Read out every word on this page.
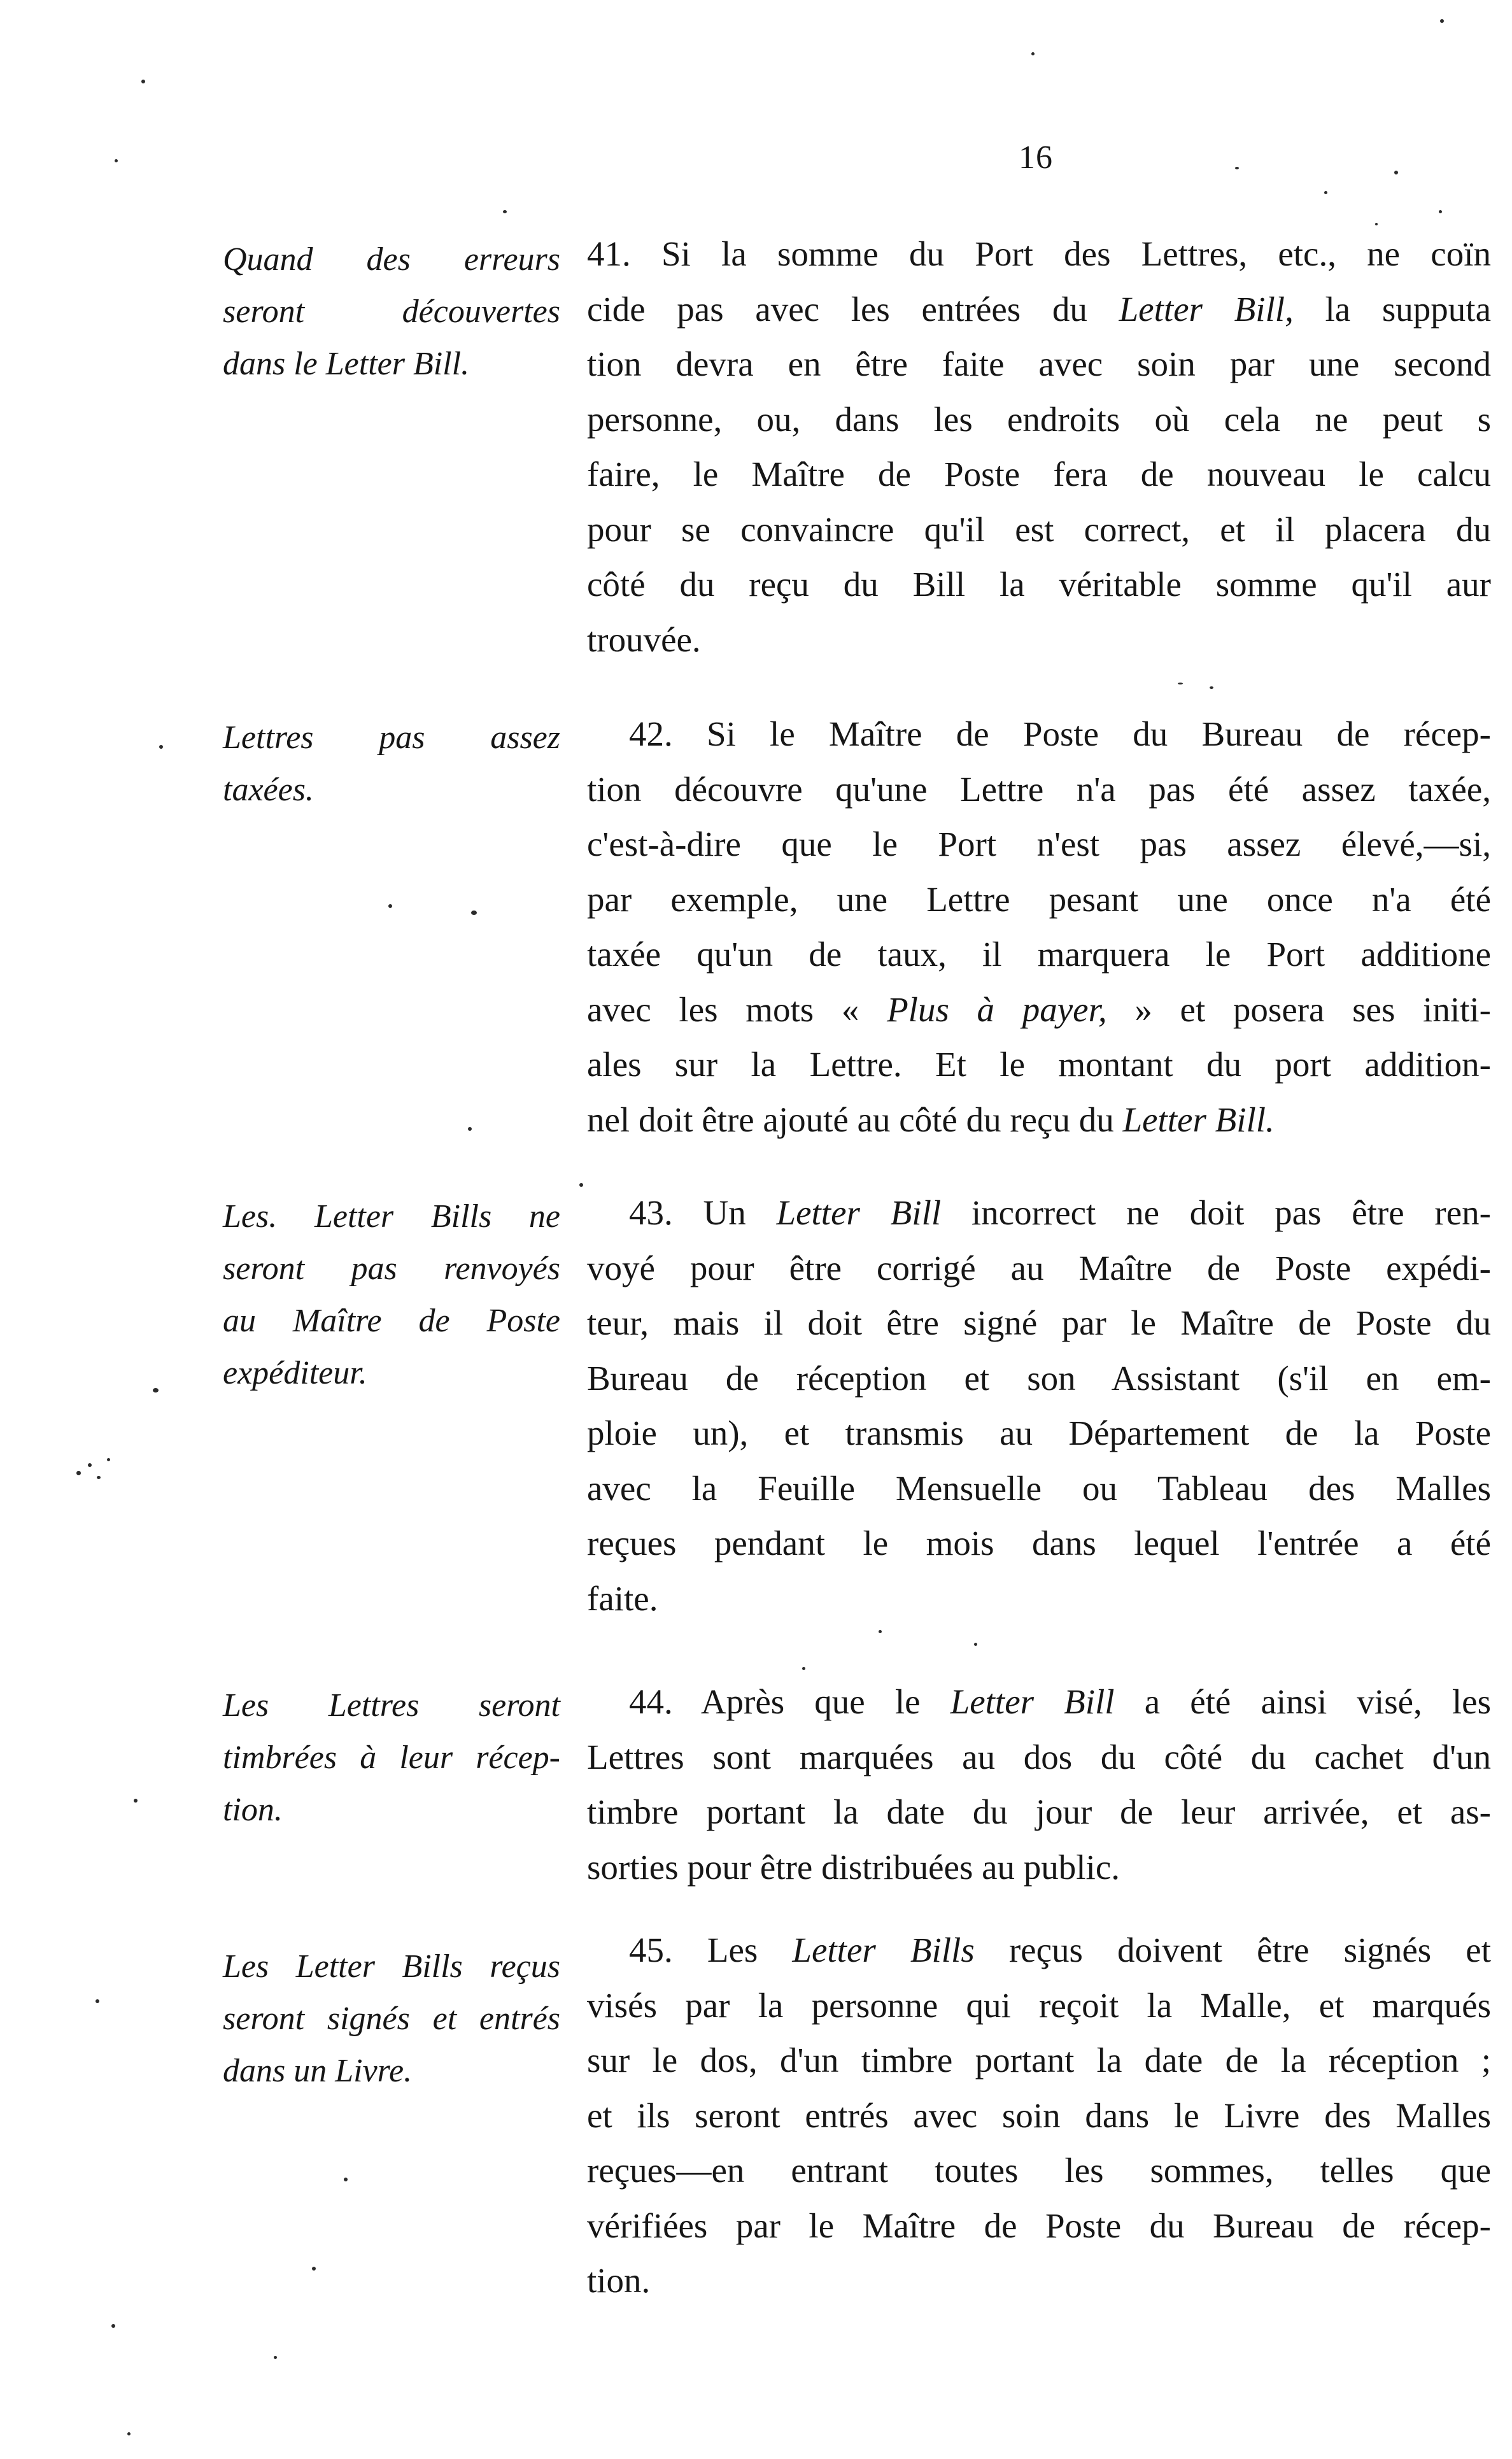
16
Quand des erreurs
seront découvertes
dans le Letter Bill.
41. Si la somme du Port des Lettres, etc., ne coïn
cide pas avec les entrées du Letter Bill, la supputa
tion devra en être faite avec soin par une second
personne, ou, dans les endroits où cela ne peut s
faire, le Maître de Poste fera de nouveau le calcu
pour se convaincre qu'il est correct, et il placera du
côté du reçu du Bill la véritable somme qu'il aur
trouvée.
Lettres pas assez
taxées.
42. Si le Maître de Poste du Bureau de récep-
tion découvre qu'une Lettre n'a pas été assez taxée,
c'est-à-dire que le Port n'est pas assez élevé,—si,
par exemple, une Lettre pesant une once n'a été
taxée qu'un de taux, il marquera le Port additione
avec les mots « Plus à payer, » et posera ses initi-
ales sur la Lettre. Et le montant du port addition-
nel doit être ajouté au côté du reçu du Letter Bill.
Les. Letter Bills ne
seront pas renvoyés
au Maître de Poste
expéditeur.
43. Un Letter Bill incorrect ne doit pas être ren-
voyé pour être corrigé au Maître de Poste expédi-
teur, mais il doit être signé par le Maître de Poste du
Bureau de réception et son Assistant (s'il en em-
ploie un), et transmis au Département de la Poste
avec la Feuille Mensuelle ou Tableau des Malles
reçues pendant le mois dans lequel l'entrée a été
faite.
Les Lettres seront
timbrées à leur récep-
tion.
44. Après que le Letter Bill a été ainsi visé, les
Lettres sont marquées au dos du côté du cachet d'un
timbre portant la date du jour de leur arrivée, et as-
sorties pour être distribuées au public.
Les Letter Bills reçus
seront signés et entrés
dans un Livre.
45. Les Letter Bills reçus doivent être signés et
visés par la personne qui reçoit la Malle, et marqués
sur le dos, d'un timbre portant la date de la réception ;
et ils seront entrés avec soin dans le Livre des Malles
reçues—en entrant toutes les sommes, telles que
vérifiées par le Maître de Poste du Bureau de récep-
tion.
